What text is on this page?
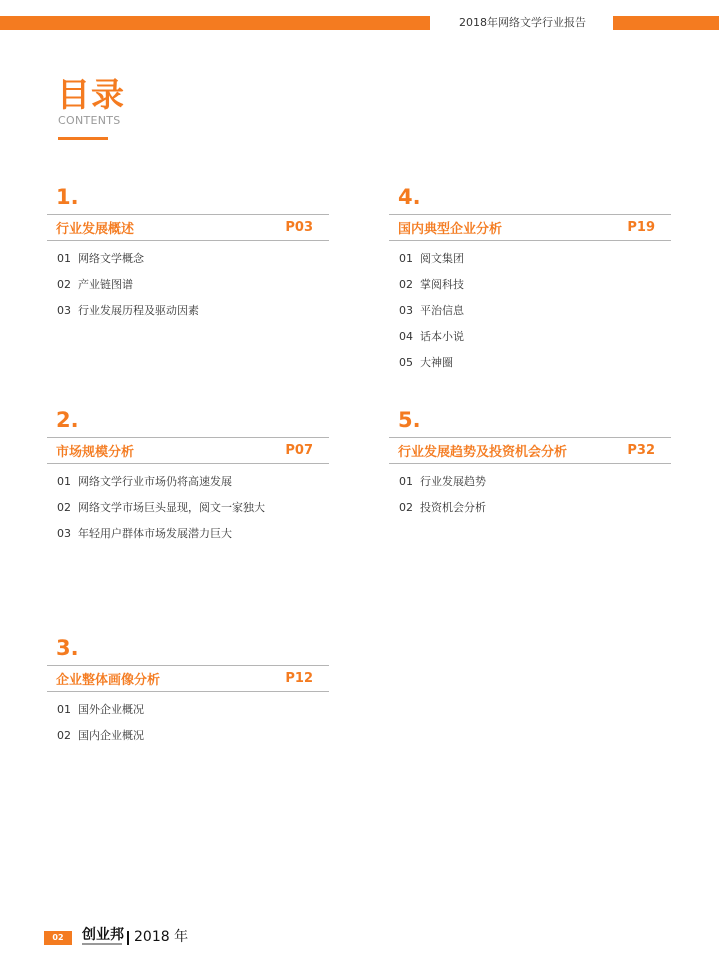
2018年网络文学行业报告
目录
CONTENTS
1.
行业发展概述	P03
01 网络文学概念
02 产业链图谱
03 行业发展历程及驱动因素
2.
市场规模分析	P07
01 网络文学行业市场仍将高速发展
02 网络文学市场巨头显现，阅文一家独大
03 年轻用户群体市场发展潜力巨大
3.
企业整体画像分析	P12
01 国外企业概况
02 国内企业概况
4.
国内典型企业分析	P19
01 阅文集团
02 掌阅科技
03 平治信息
04 话本小说
05 大神圈
5.
行业发展趋势及投资机会分析	P32
01 行业发展趋势
02 投资机会分析
02	创业邦 2018 年
